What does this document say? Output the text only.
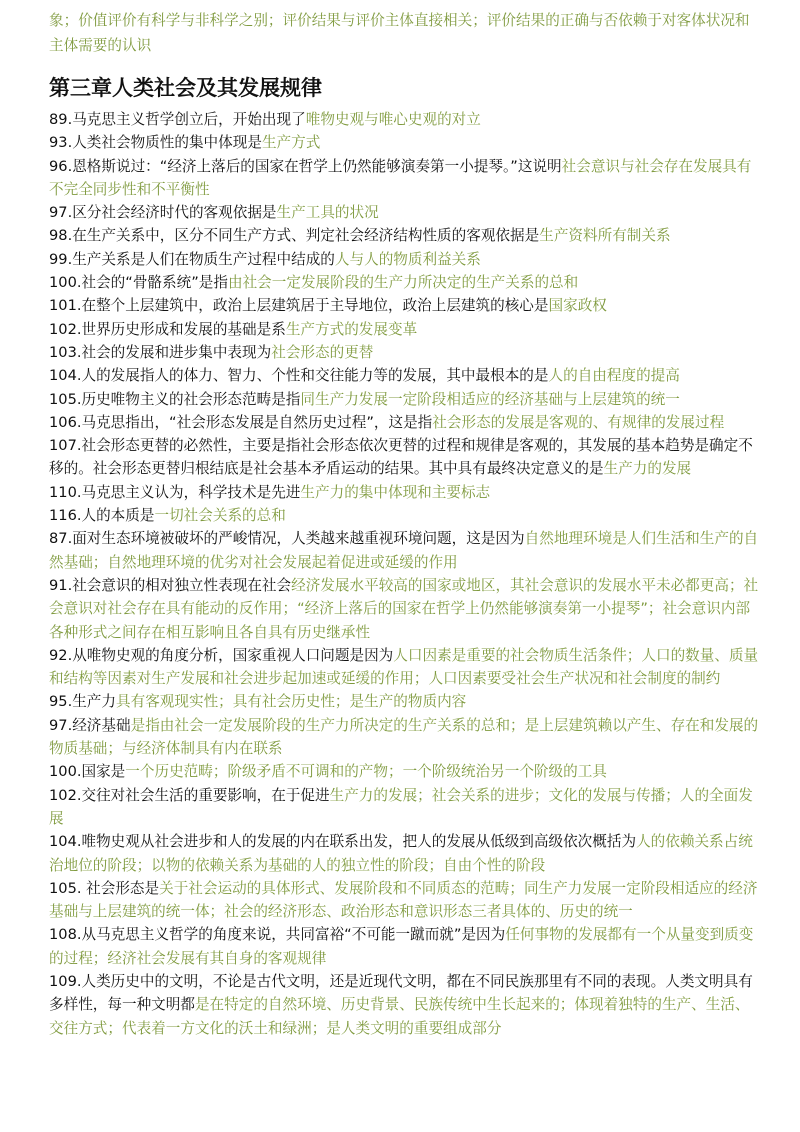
象；价值评价有科学与非科学之别；评价结果与评价主体直接相关；评价结果的正确与否依赖于对客体状况和主体需要的认识
第三章人类社会及其发展规律
89.马克思主义哲学创立后，开始出现了唯物史观与唯心史观的对立
93.人类社会物质性的集中体现是生产方式
96.恩格斯说过：“经济上落后的国家在哲学上仍然能够演奏第一小提琴。”这说明社会意识与社会存在发展具有不完全同步性和不平衡性
97.区分社会经济时代的客观依据是生产工具的状况
98.在生产关系中，区分不同生产方式、判定社会经济结构性质的客观依据是生产资料所有制关系
99.生产关系是人们在物质生产过程中结成的人与人的物质利益关系
100.社会的“骨骼系统”是指由社会一定发展阶段的生产力所决定的生产关系的总和
101.在整个上层建筑中，政治上层建筑居于主导地位，政治上层建筑的核心是国家政权
102.世界历史形成和发展的基础是系生产方式的发展变革
103.社会的发展和进步集中表现为社会形态的更替
104.人的发展指人的体力、智力、个性和交往能力等的发展，其中最根本的是人的自由程度的提高
105.历史唯物主义的社会形态范畴是指同生产力发展一定阶段相适应的经济基础与上层建筑的统一
106.马克思指出，“社会形态发展是自然历史过程”，这是指社会形态的发展是客观的、有规律的发展过程
107.社会形态更替的必然性，主要是指社会形态依次更替的过程和规律是客观的，其发展的基本趋势是确定不移的。社会形态更替归根结底是社会基本矛盾运动的结果。其中具有最终决定意义的是生产力的发展
110.马克思主义认为，科学技术是先进生产力的集中体现和主要标志
116.人的本质是一切社会关系的总和
87.面对生态环境被破坏的严峻情况，人类越来越重视环境问题，这是因为自然地理环境是人们生活和生产的自然基础；自然地理环境的优劣对社会发展起着促进或延缓的作用
91.社会意识的相对独立性表现在社会经济发展水平较高的国家或地区，其社会意识的发展水平未必都更高；社会意识对社会存在具有能动的反作用；“经济上落后的国家在哲学上仍然能够演奏第一小提琴”；社会意识内部各种形式之间存在相互影响且各自具有历史继承性
92.从唯物史观的角度分析，国家重视人口问题是因为人口因素是重要的社会物质生活条件；人口的数量、质量和结构等因素对生产发展和社会进步起加速或延缓的作用；人口因素要受社会生产状况和社会制度的制约
95.生产力具有客观现实性；具有社会历史性；是生产的物质内容
97.经济基础是指由社会一定发展阶段的生产力所决定的生产关系的总和；是上层建筑赖以产生、存在和发展的物质基础；与经济体制具有内在联系
100.国家是一个历史范畴；阶级矛盾不可调和的产物；一个阶级统治另一个阶级的工具
102.交往对社会生活的重要影响，在于促进生产力的发展；社会关系的进步；文化的发展与传播；人的全面发展
104.唯物史观从社会进步和人的发展的内在联系出发，把人的发展从低级到高级依次概括为人的依赖关系占统治地位的阶段；以物的依赖关系为基础的人的独立性的阶段；自由个性的阶段
105. 社会形态是关于社会运动的具体形式、发展阶段和不同质态的范畴；同生产力发展一定阶段相适应的经济基础与上层建筑的统一体；社会的经济形态、政治形态和意识形态三者具体的、历史的统一
108.从马克思主义哲学的角度来说，共同富裕“不可能一蹴而就”是因为任何事物的发展都有一个从量变到质变的过程；经济社会发展有其自身的客观规律
109.人类历史中的文明，不论是古代文明，还是近现代文明，都在不同民族那里有不同的表现。人类文明具有多样性，每一种文明都是在特定的自然环境、历史背景、民族传统中生长起来的；体现着独特的生产、生活、交往方式；代表着一方文化的沃土和绿洲；是人类文明的重要组成部分
